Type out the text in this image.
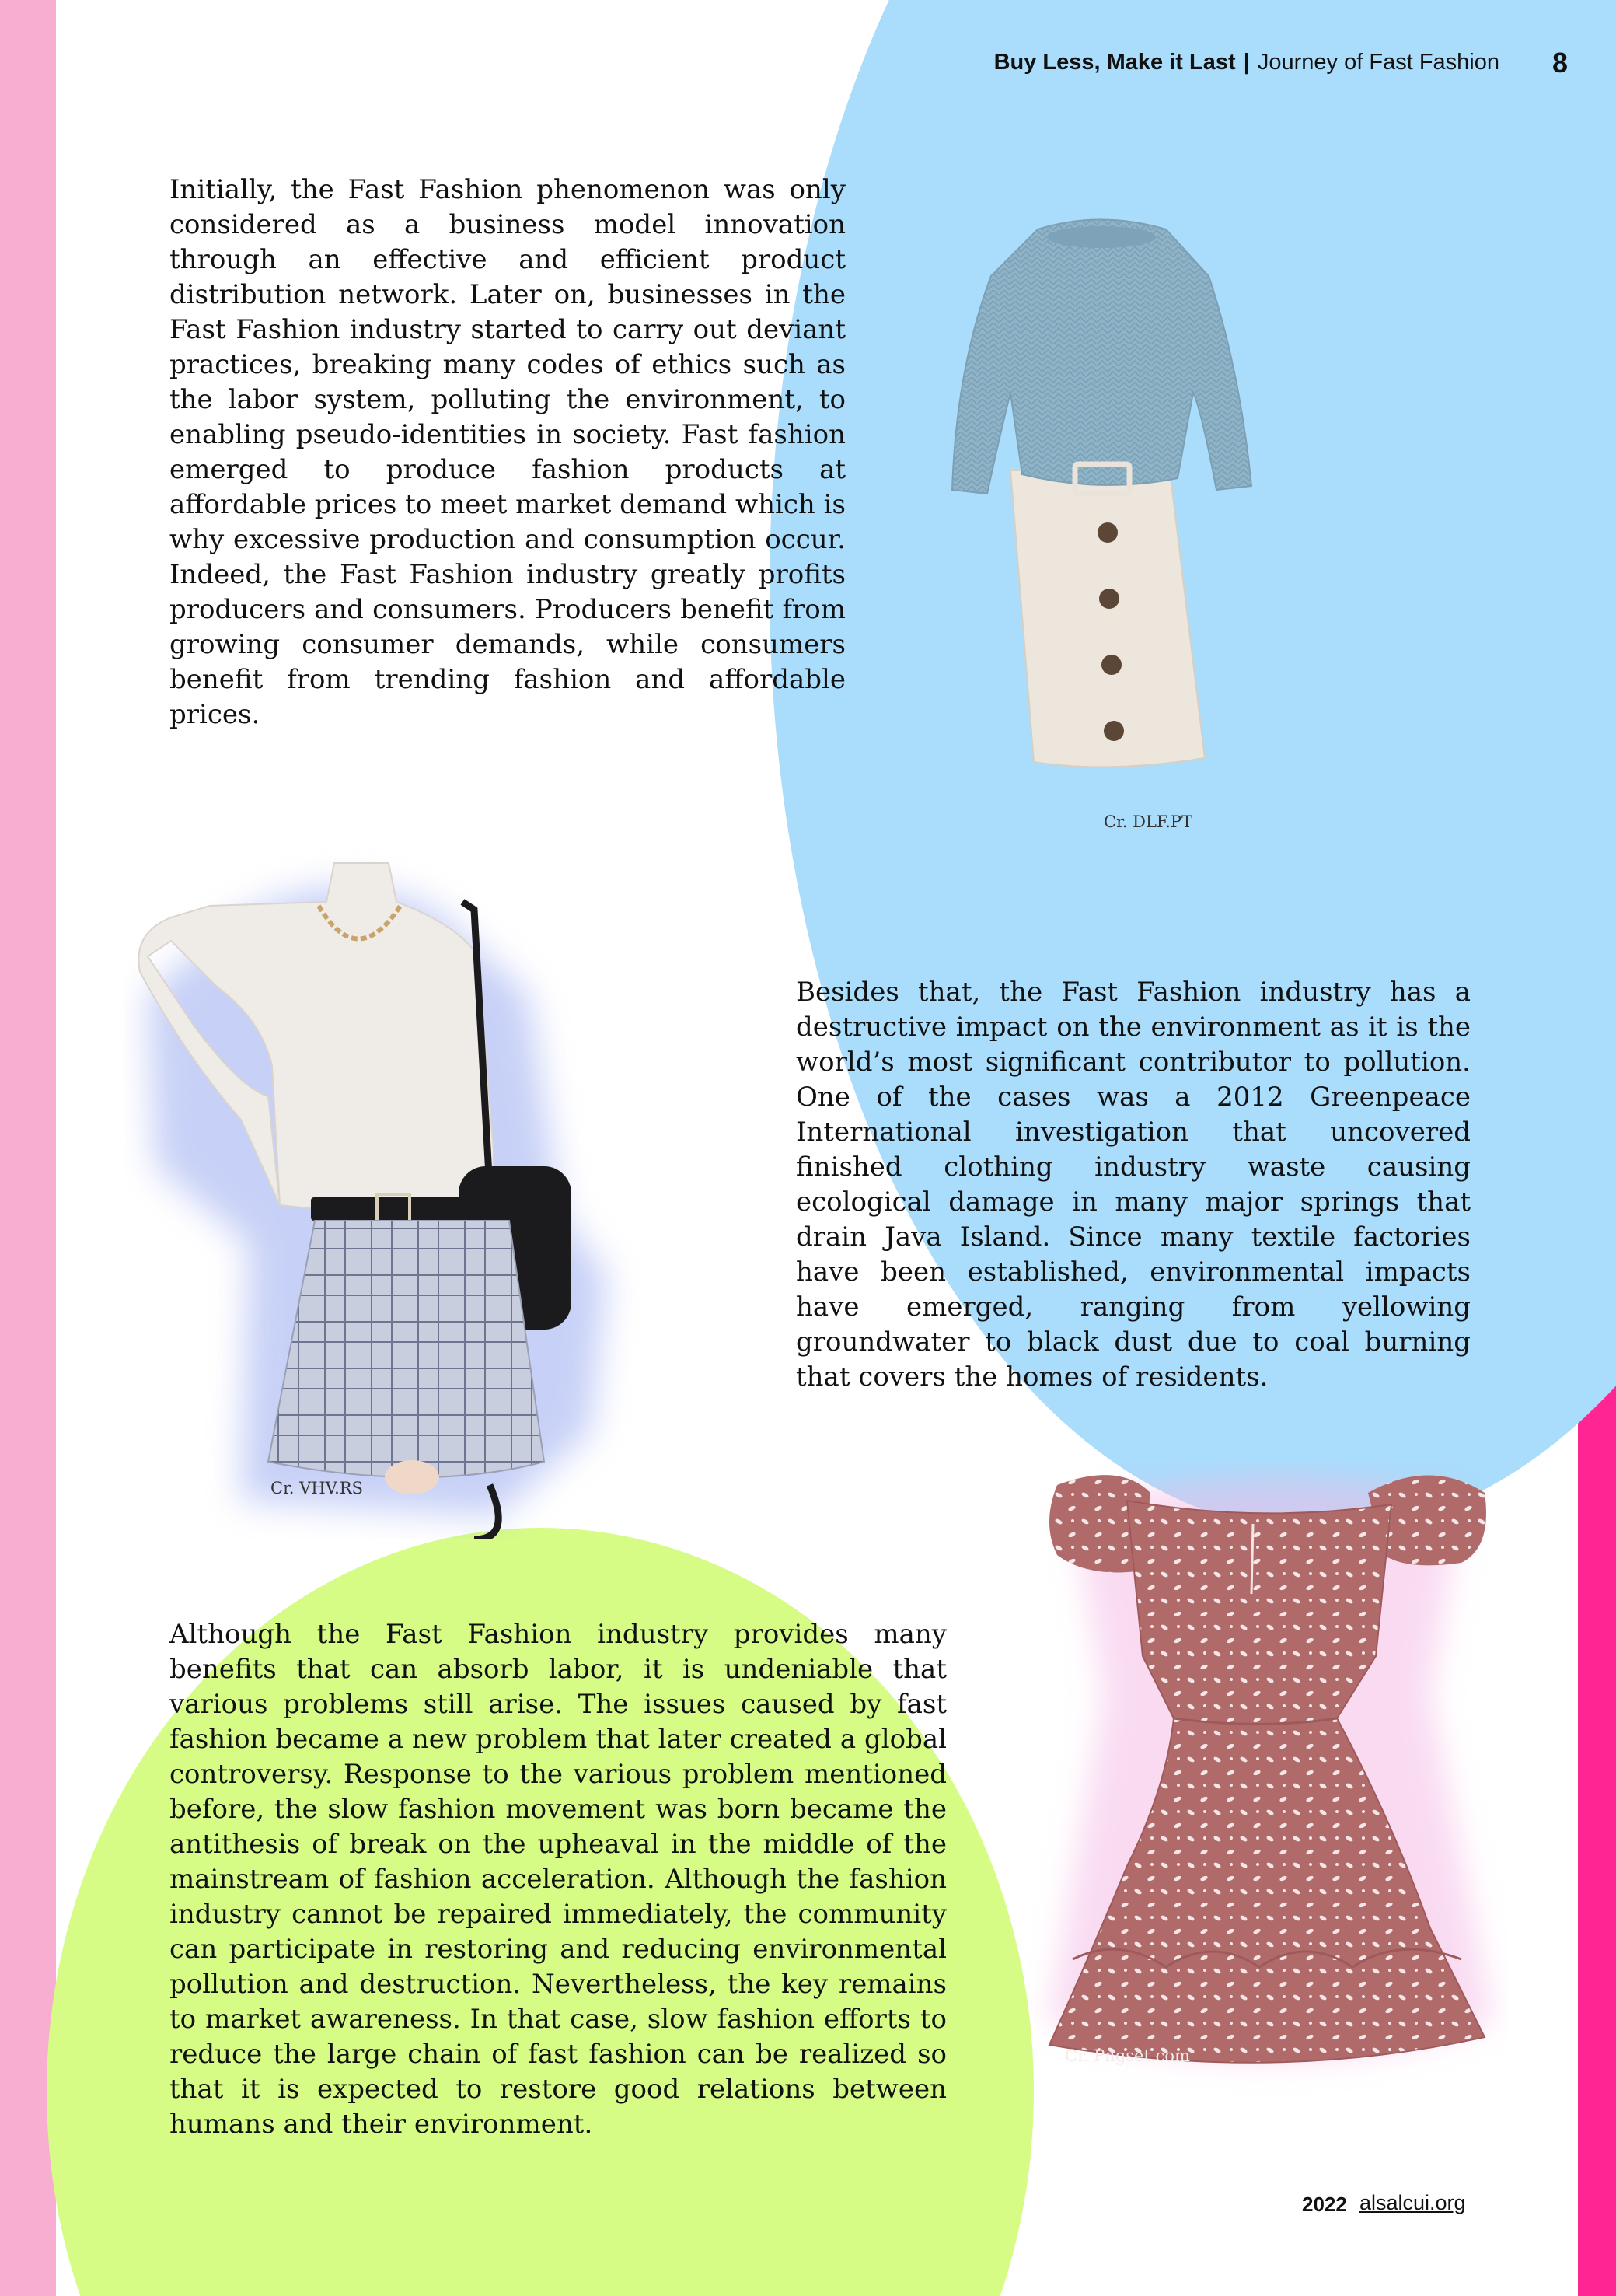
Buy Less, Make it Last | Journey of Fast Fashion 8
Cr. DLF.PT
Cr. VHV.RS
Cr. Pngset.com

Initially, the Fast Fashion phenomenon was only considered as a business model innovation through an effective and efficient product distribution network. Later on, businesses in the Fast Fashion industry started to carry out deviant practices, breaking many codes of ethics such as the labor system, polluting the environment, to enabling pseudo-identities in society. Fast fashion emerged to produce fashion products at affordable prices to meet market demand which is why excessive production and consumption occur. Indeed, the Fast Fashion industry greatly profits producers and consumers. Producers benefit from growing consumer demands, while consumers benefit from trending fashion and affordable prices.

Besides that, the Fast Fashion industry has a destructive impact on the environment as it is the world’s most significant contributor to pollution. One of the cases was a 2012 Greenpeace International investigation that uncovered finished clothing industry waste causing ecological damage in many major springs that drain Java Island. Since many textile factories have been established, environmental impacts have emerged, ranging from yellowing groundwater to black dust due to coal burning that covers the homes of residents.

Although the Fast Fashion industry provides many benefits that can absorb labor, it is undeniable that various problems still arise. The issues caused by fast fashion became a new problem that later created a global controversy. Response to the various problem mentioned before, the slow fashion movement was born became the antithesis of break on the upheaval in the middle of the mainstream of fashion acceleration. Although the fashion industry cannot be repaired immediately, the community can participate in restoring and reducing environmental pollution and destruction. Nevertheless, the key remains to market awareness. In that case, slow fashion efforts to reduce the large chain of fast fashion can be realized so that it is expected to restore good relations between humans and their environment.

2022 alsalcui.org
